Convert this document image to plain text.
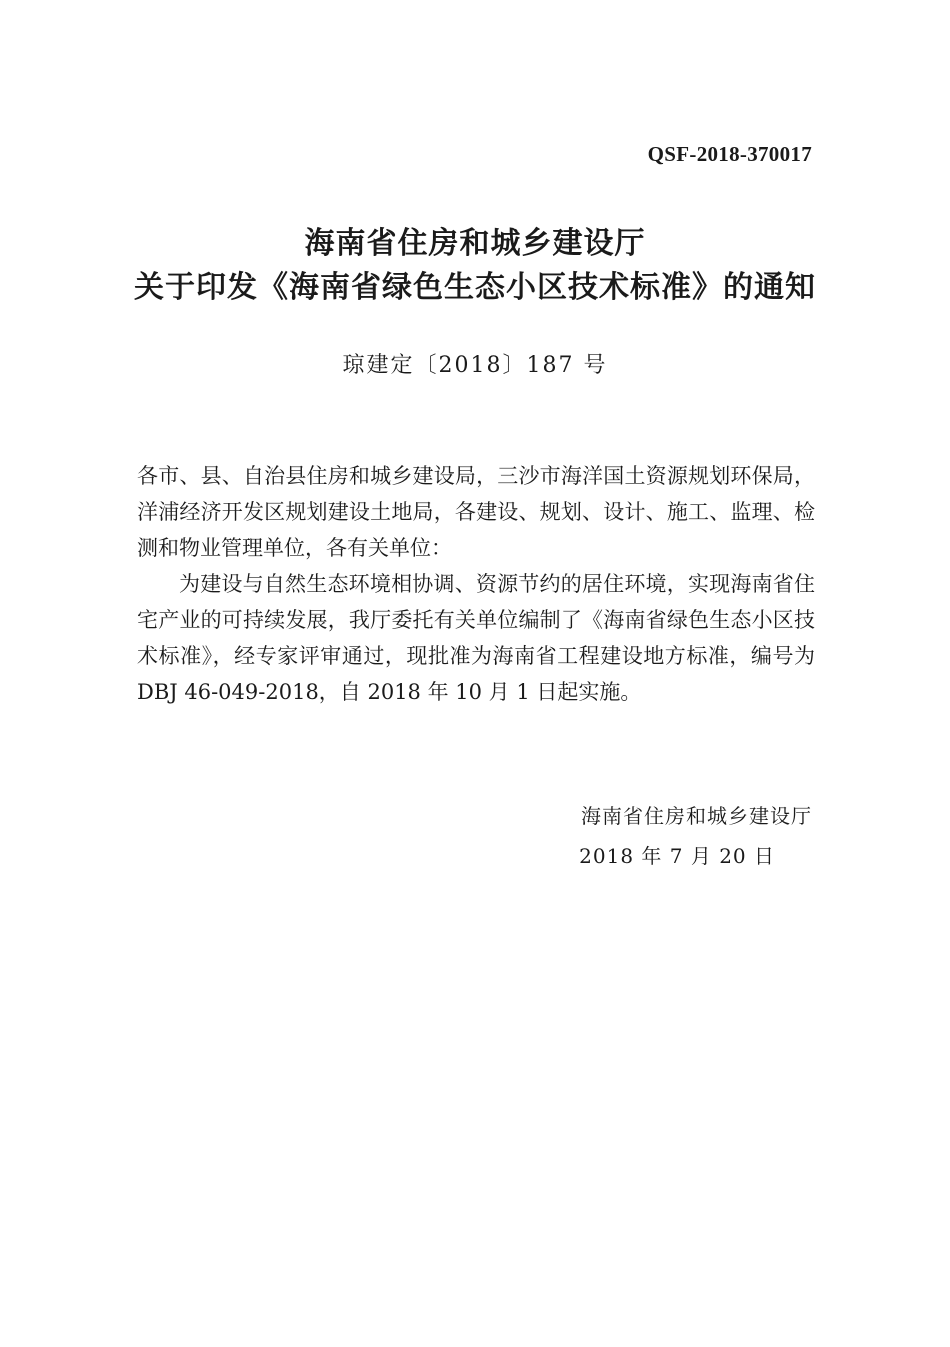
QSF-2018-370017
海南省住房和城乡建设厅
关于印发《海南省绿色生态小区技术标准》的通知
琼建定〔2018〕187 号

各市、县、自治县住房和城乡建设局，三沙市海洋国土资源规划环保局，洋浦经济开发区规划建设土地局，各建设、规划、设计、施工、监理、检测和物业管理单位，各有关单位：

为建设与自然生态环境相协调、资源节约的居住环境，实现海南省住宅产业的可持续发展，我厅委托有关单位编制了《海南省绿色生态小区技术标准》，经专家评审通过，现批准为海南省工程建设地方标准，编号为 DBJ 46-049-2018，自 2018 年 10 月 1 日起实施。

海南省住房和城乡建设厅
2018 年 7 月 20 日
